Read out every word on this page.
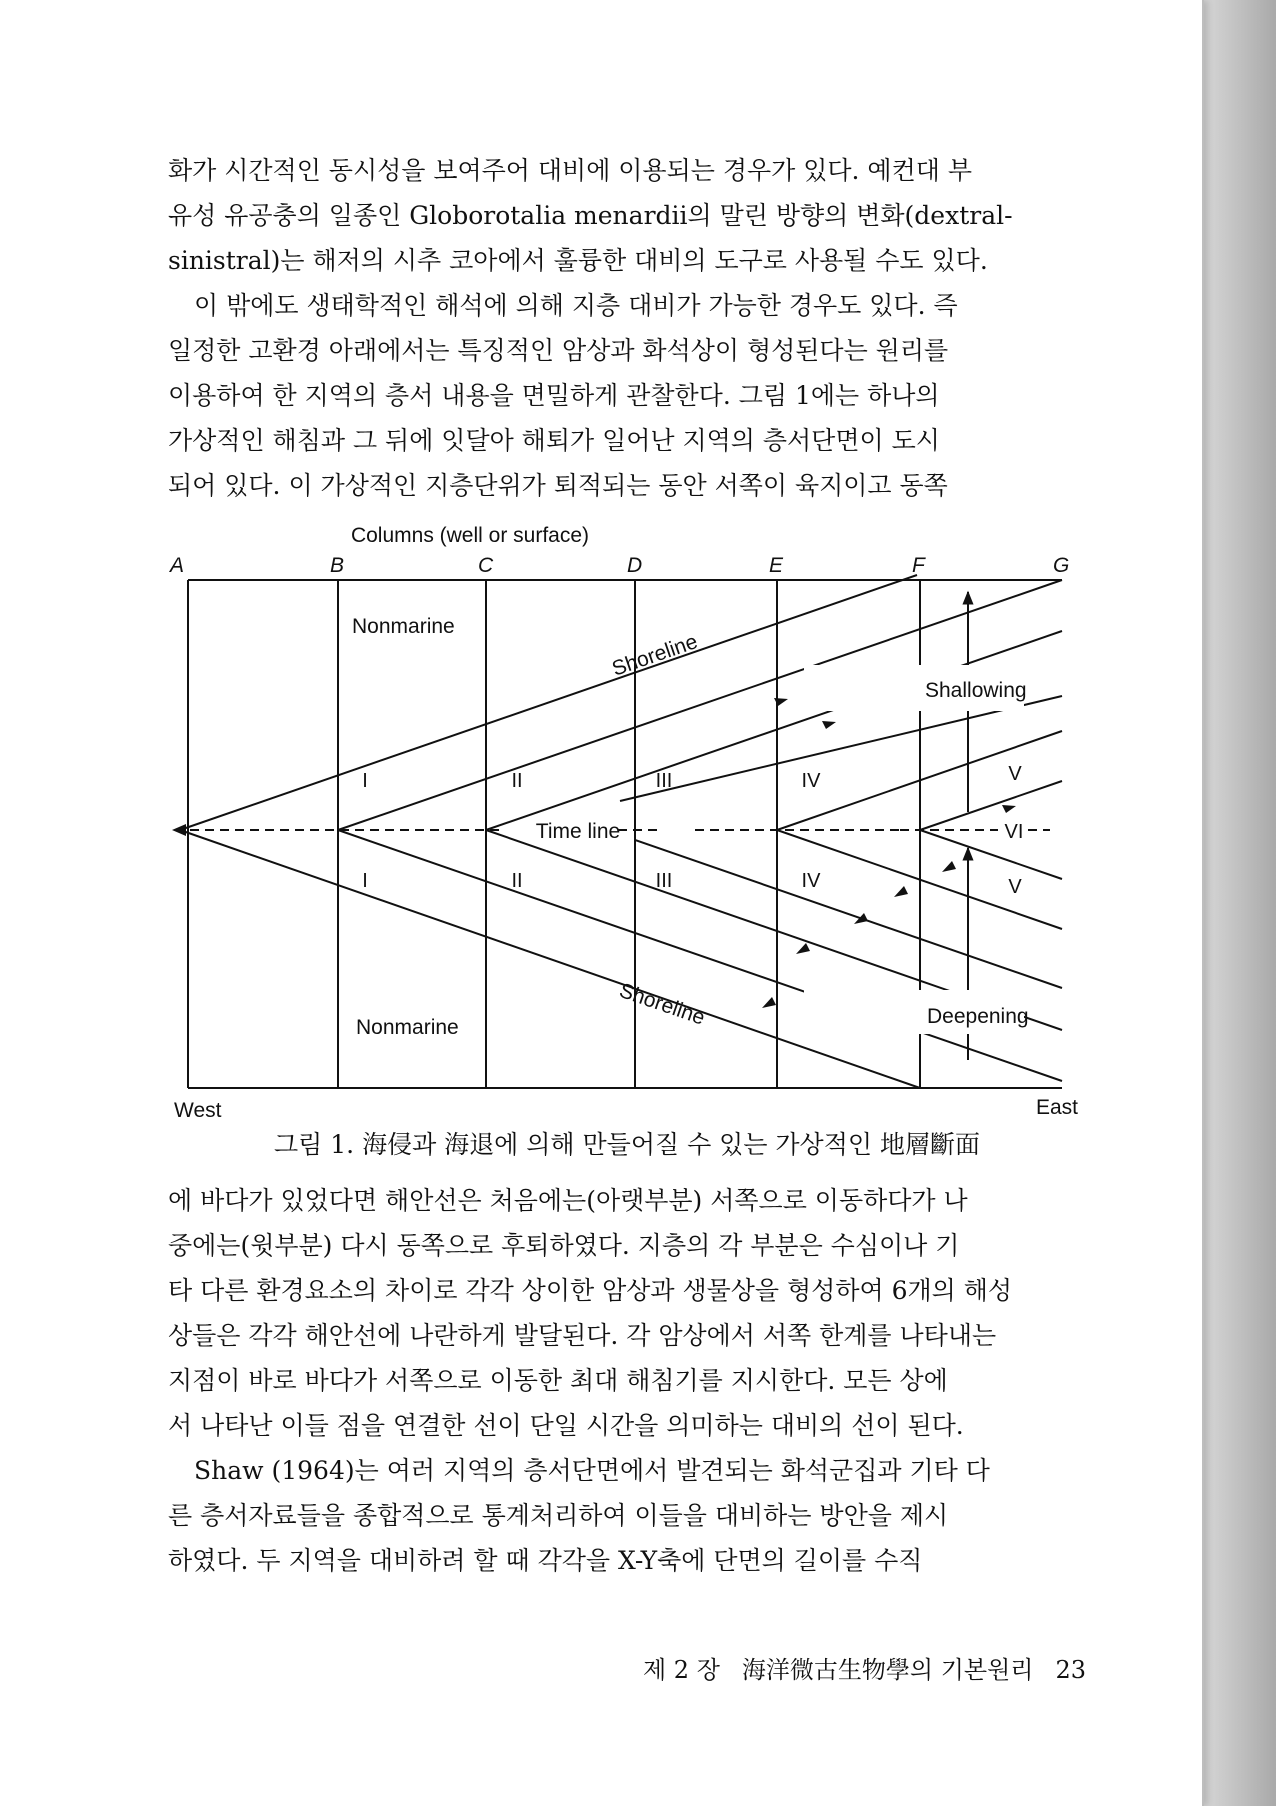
화가 시간적인 동시성을 보여주어 대비에 이용되는 경우가 있다. 예컨대 부

유성 유공충의 일종인 Globorotalia menardii의 말린 방향의 변화(dextral-

sinistral)는 해저의 시추 코아에서 훌륭한 대비의 도구로 사용될 수도 있다.

이 밖에도 생태학적인 해석에 의해 지층 대비가 가능한 경우도 있다. 즉

일정한 고환경 아래에서는 특징적인 암상과 화석상이 형성된다는 원리를

이용하여 한 지역의 층서 내용을 면밀하게 관찰한다. 그림 1에는 하나의

가상적인 해침과 그 뒤에 잇달아 해퇴가 일어난 지역의 층서단면이 도시

되어 있다. 이 가상적인 지층단위가 퇴적되는 동안 서쪽이 육지이고 동쪽

Columns (well or surface)
A	B	C	D	E	F	G
Nonmarine
Nonmarine
Shoreline
Shoreline
Time line
Shallowing
Deepening
I	II	III	IV	V
I	II	III	IV	V
VI
West	East
그림 1. 海侵과 海退에 의해 만들어질 수 있는 가상적인 地層斷面

에 바다가 있었다면 해안선은 처음에는(아랫부분) 서쪽으로 이동하다가 나

중에는(윗부분) 다시 동쪽으로 후퇴하였다. 지층의 각 부분은 수심이나 기

타 다른 환경요소의 차이로 각각 상이한 암상과 생물상을 형성하여 6개의 해성

상들은 각각 해안선에 나란하게 발달된다. 각 암상에서 서쪽 한계를 나타내는

지점이 바로 바다가 서쪽으로 이동한 최대 해침기를 지시한다. 모든 상에

서 나타난 이들 점을 연결한 선이 단일 시간을 의미하는 대비의 선이 된다.

Shaw (1964)는 여러 지역의 층서단면에서 발견되는 화석군집과 기타 다

른 층서자료들을 종합적으로 통계처리하여 이들을 대비하는 방안을 제시

하였다. 두 지역을 대비하려 할 때 각각을 X-Y축에 단면의 길이를 수직

제 2 장 海洋微古生物學의 기본원리 23
